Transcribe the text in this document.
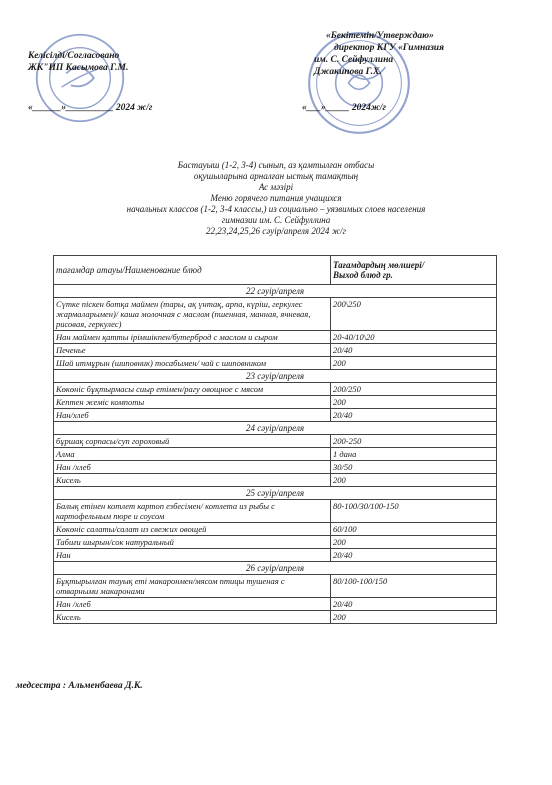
Келісілді/Согласовано
ЖК"ИП Касымова Г.М.
«______»__________ 2024 ж/г
«Бекітемін/Утверждаю»
директор КГУ «Гимназия
им. С. Сейфуллина
Джакипова Г.Х.
«___»_____ 2024ж/г
Бастауыш (1-2, 3-4) сынып, аз қамтылған отбасы
оқушыларына арналған ыстық тамақтың
Ас мәзірі
Меню горячего питания учащихся
начальных классов (1-2, 3-4 классы,) из социально – уязвимых слоев населения
гимназии им. С. Сейфуллина
22,23,24,25,26 сәуір/апреля 2024 ж/г
тағамдар атауы/Наименование блюд	Тағамдардың мөлшері/
Выход блюд гр.

22 сәуір/апреля	
Сүтке піскен ботқа маймен (тары, ақ үнтақ, арпа, күріш, геркулес жармаларымен)/ каша молочная с маслом (пшенная, манная, ячневая, рисовая, геркулес)	200\250
Нан маймен қатты ірімшікпен/бутерброд с маслом и сыром	20-40/10\20
Печенье	20/40
Шай итмұрын (шиповник) тосабымен/ чай с шиповником	200
23 сәуір/апреля	
Көкөніс бұқтырмасы сиыр етімен/рагу овощное с мясом	200/250
Кептен жеміс компоты	200
Нан/хлеб	20/40
24 сәуір/апреля	
бұршақ сорпасы/суп гороховый	200-250
Алма	1 дана
Нан /хлеб	30/50
Кисель	200
25 сәуір/апреля	
Балық етінен котлет картоп езбесімен/ котлета из рыбы с картофельным пюре и соусом	80-100/30/100-150
Көкөніс салаты/салат из свежих овощей	60/100
Табиғи шырын/сок натуральный	200
Нан	20/40
26 сәуір/апреля	
Бұқтырылған тауық еті макаронмен/мясом птицы тушеная с отварными макаронами	80/100-100/150
Нан /хлеб	20/40
Кисель	200
медсестра : Альменбаева Д.К.
